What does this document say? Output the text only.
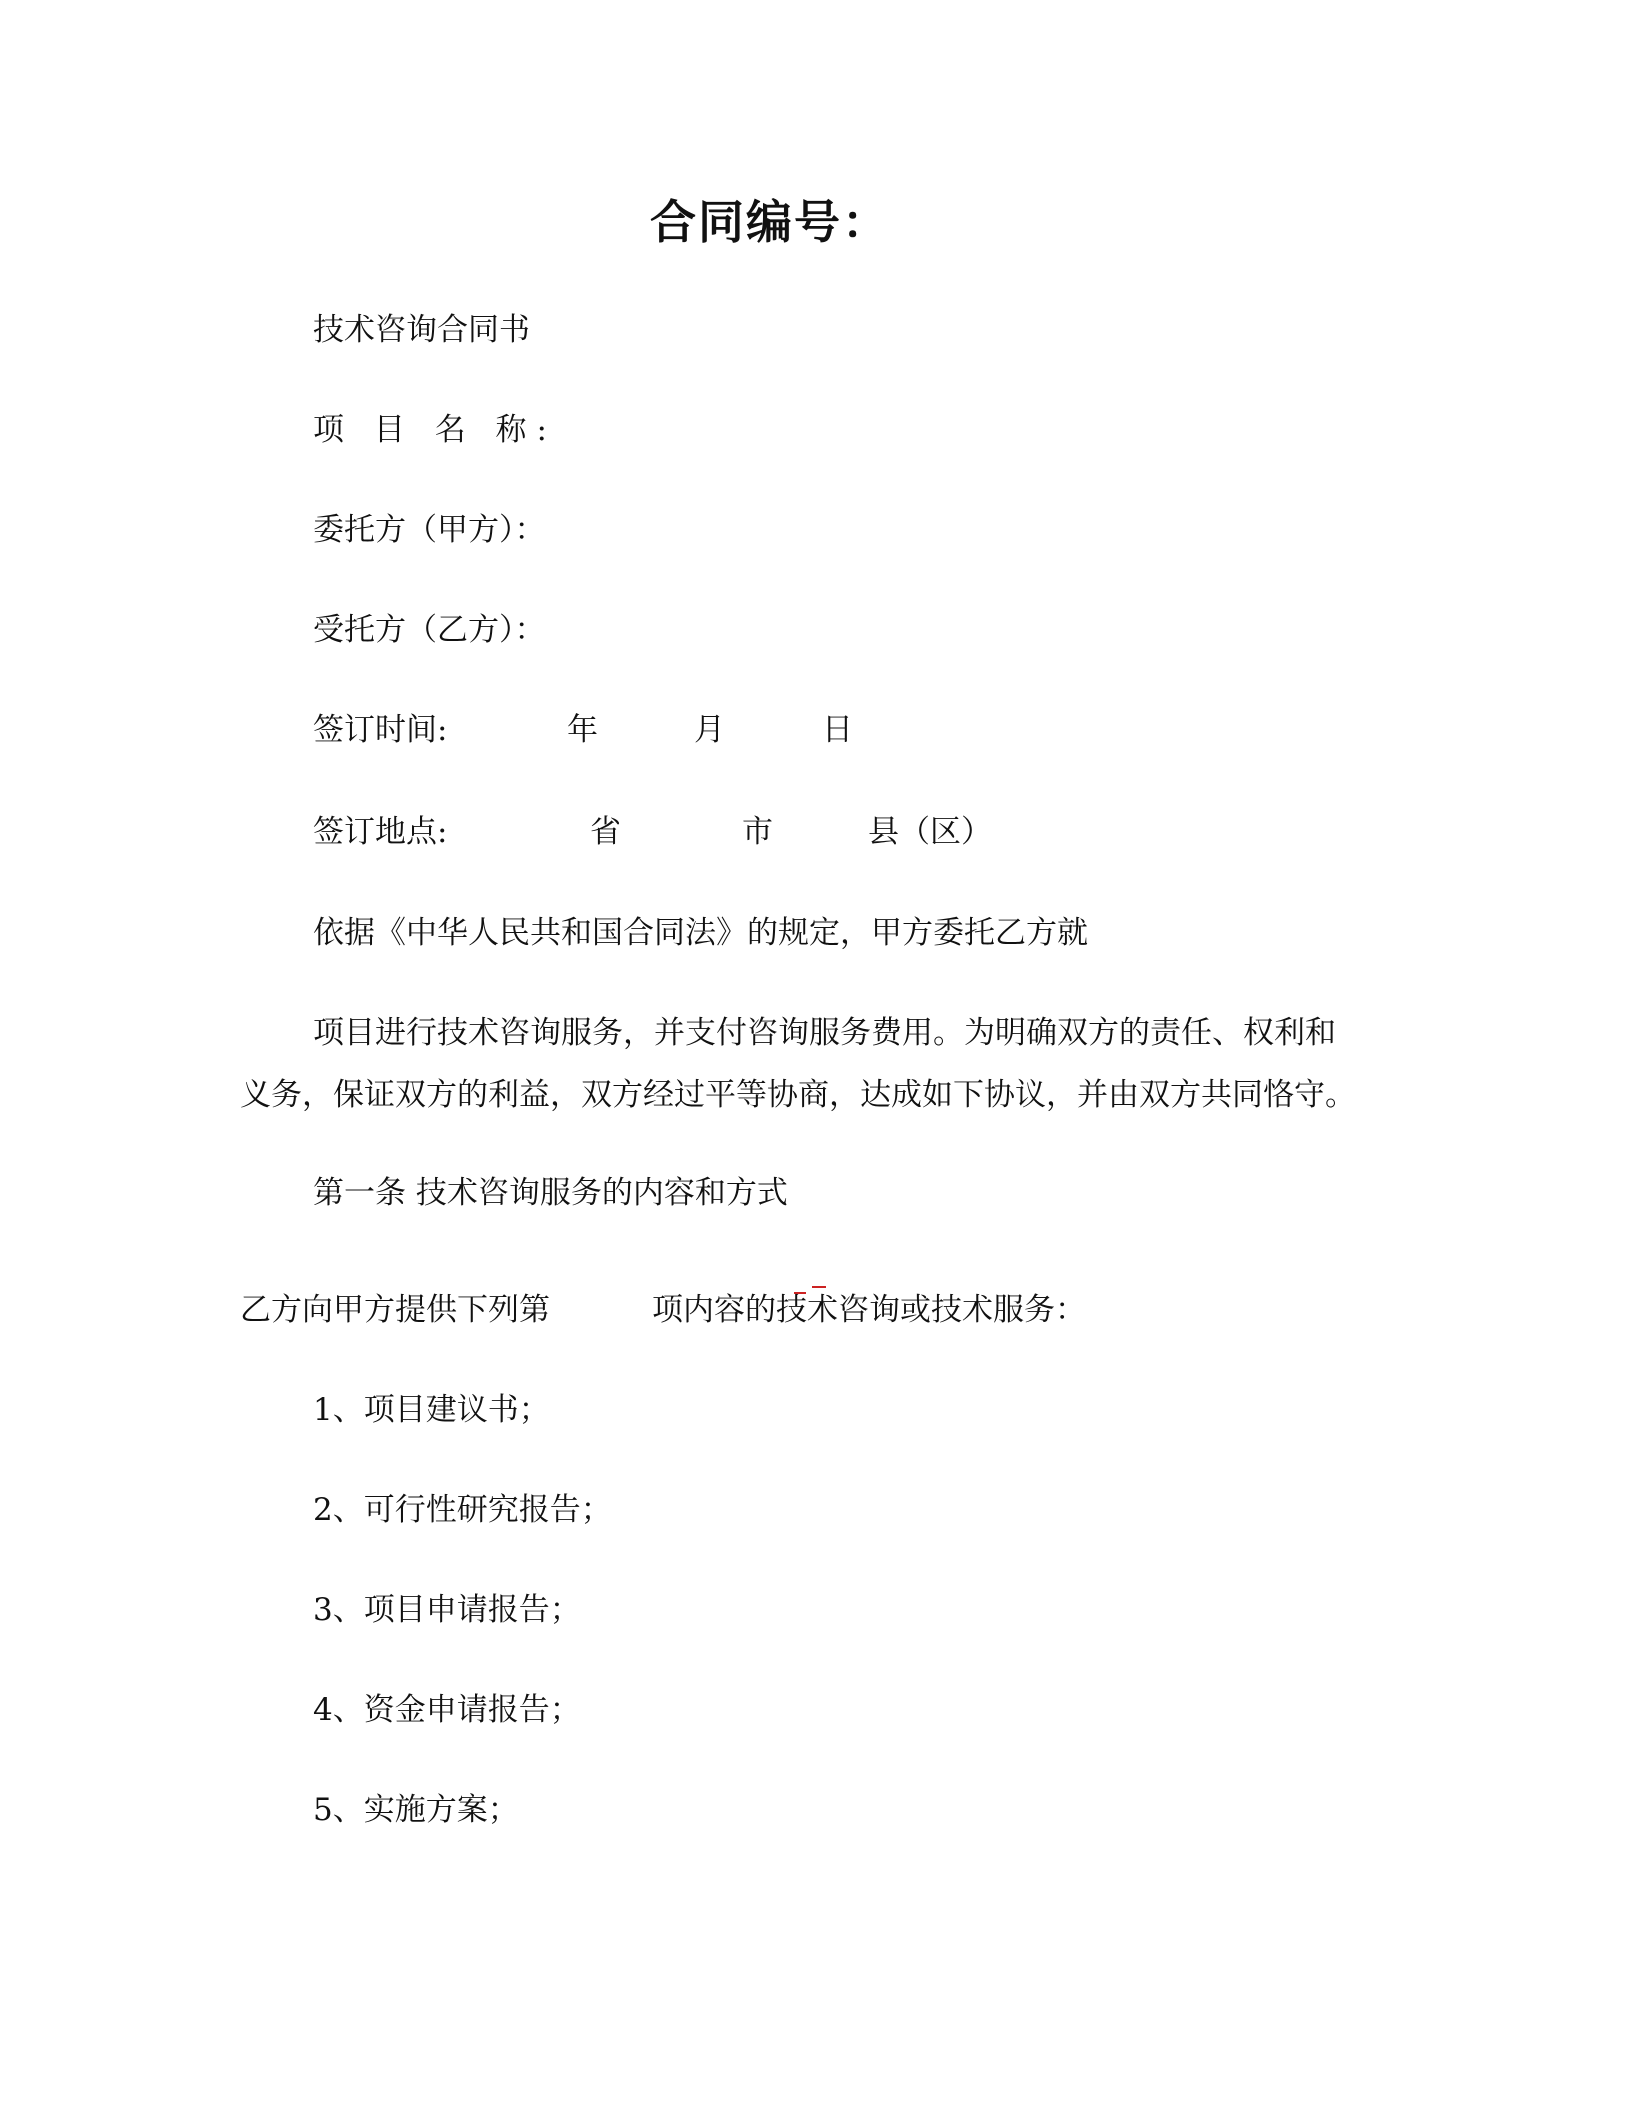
合同编号：
技术咨询合同书
项 目 名 称:
委托方（甲方）：
受托方（乙方）：
签订时间:	年	月	日
签订地点:	省	市	县（区）
依据《中华人民共和国合同法》的规定，甲方委托乙方就
项目进行技术咨询服务，并支付咨询服务费用。为明确双方的责任、权利和
义务，保证双方的利益，双方经过平等协商，达成如下协议，并由双方共同恪守。
第一条 技术咨询服务的内容和方式
乙方向甲方提供下列第	项内容的技术咨询或技术服务：
1、项目建议书；
2、可行性研究报告；
3、项目申请报告；
4、资金申请报告；
5、实施方案；
